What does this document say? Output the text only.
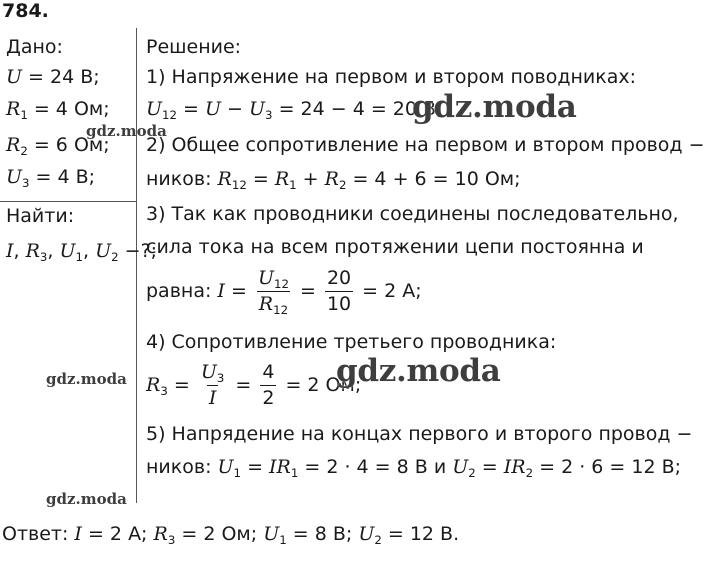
784.
Дано:
U = 24 В;
$R_1 = 4$ Ом;
$R_2 = 6$ Ом;
$U_3 = 4$ В;
Найти:
I, $R_3$, $U_1$, $U_2$ −?;
Решение:
1) Напряжение на первом и втором поводниках:
$U_{12} = U - U_3 = 24 - 4 = 20$ В;
2) Общее сопротивление на первом и втором провод −
ников: $R_{12} = R_1 + R_2 = 4 + 6 = 10$ Ом;
3) Так как проводники соединены последовательно,
сила тока на всем протяжении цепи постоянна и
равна: $I = \frac{U_{12}}{R_{12}} = \frac{20}{10} = 2$ А;
4) Сопротивление третьего проводника:
$R_3 = \frac{U_3}{I} = \frac{4}{2} = 2$ Ом;
5) Напрядение на концах первого и второго провод −
ников: $U_1 = IR_1 = 2 \cdot 4 = 8$ В и $U_2 = IR_2 = 2 \cdot 6 = 12$ В;
Ответ: I = 2 А; $R_3 = 2$ Ом; $U_1 = 8$ В; $U_2 = 12$ В.
gdz.moda
gdz.moda
gdz.moda
gdz.moda
gdz.moda
